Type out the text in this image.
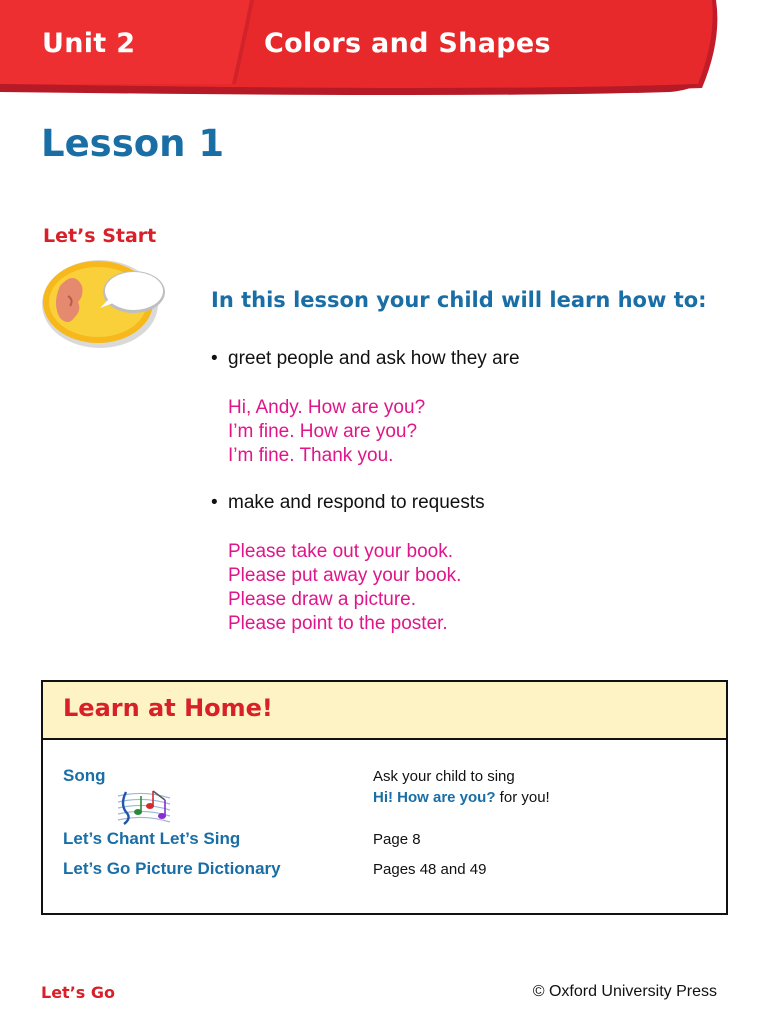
Unit 2	Colors and Shapes
Lesson 1
Let’s Start
In this lesson your child will learn how to:
• greet people and ask how they are
Hi, Andy. How are you?
I’m fine. How are you?
I’m fine. Thank you.
• make and respond to requests
Please take out your book.
Please put away your book.
Please draw a picture.
Please point to the poster.
Learn at Home!
Song	Ask your child to sing
Hi! How are you? for you!
Let’s Chant Let’s Sing	Page 8
Let’s Go Picture Dictionary	Pages 48 and 49
Let’s Go	© Oxford University Press
